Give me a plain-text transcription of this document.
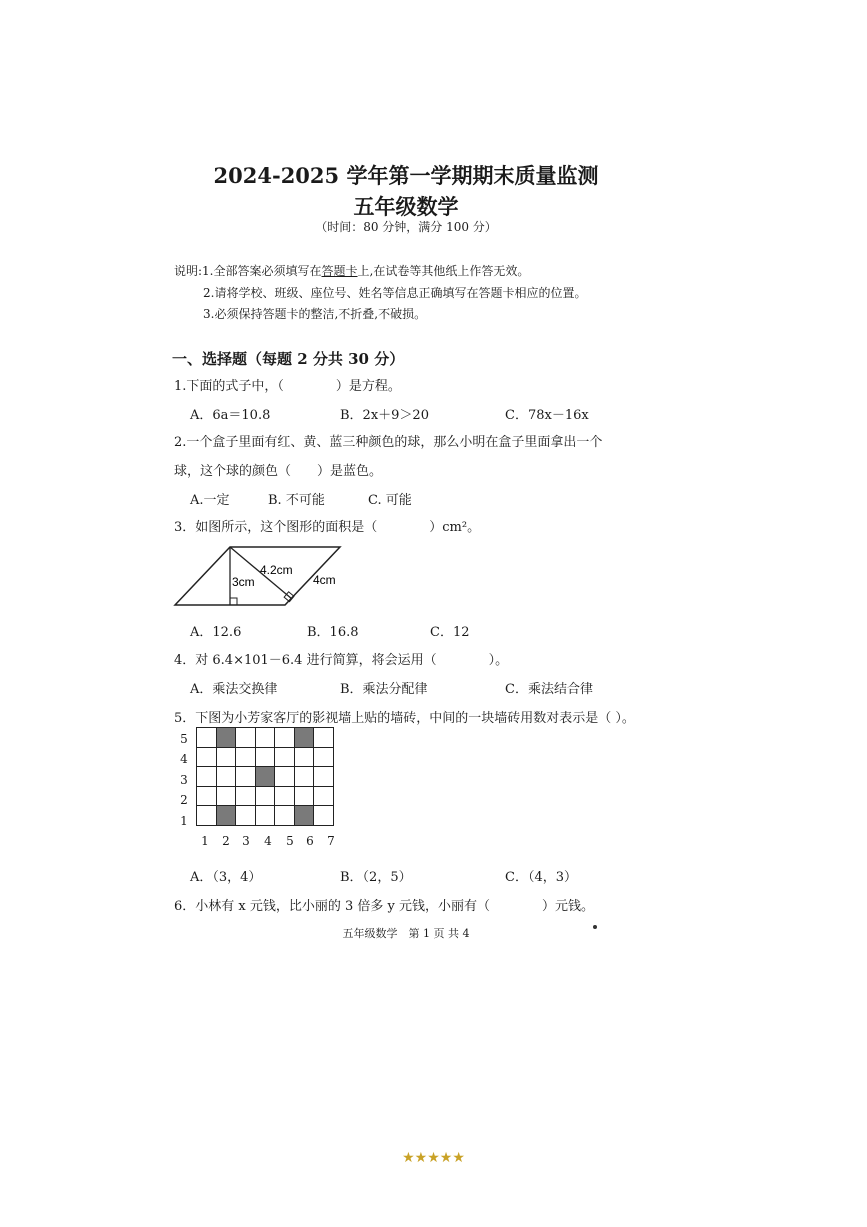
2024-2025 学年第一学期期末质量监测
五年级数学
（时间：80 分钟，满分 100 分）
说明:1.全部答案必须填写在答题卡上,在试卷等其他纸上作答无效。
2.请将学校、班级、座位号、姓名等信息正确填写在答题卡相应的位置。
3.必须保持答题卡的整洁,不折叠,不破损。
一、选择题（每题 2 分共 30 分）
1.下面的式子中，（　　　　）是方程。
A．6a＝10.8	B．2x＋9＞20	C．78x－16x
2.一个盒子里面有红、黄、蓝三种颜色的球，那么小明在盒子里面拿出一个
球，这个球的颜色（　　）是蓝色。
A.一定	B. 不可能	C. 可能
3．如图所示，这个图形的面积是（　　　　）cm²。
4.2cm
3cm	4cm
A．12.6	B．16.8	C．12
4．对 6.4×101－6.4 进行简算，将会运用（　　　　）。
A．乘法交换律	B．乘法分配律	C．乘法结合律
5．下图为小芳家客厅的影视墙上贴的墙砖，中间的一块墙砖用数对表示是（ ）。

5
4
3
2
1
1 2 3 4 5 6 7
A．（3，4）	B．（2，5）	C．（4，3）
6．小林有 x 元钱，比小丽的 3 倍多 y 元钱，小丽有（　　　　）元钱。
五年级数学　第 1 页 共 4
★★★★★
